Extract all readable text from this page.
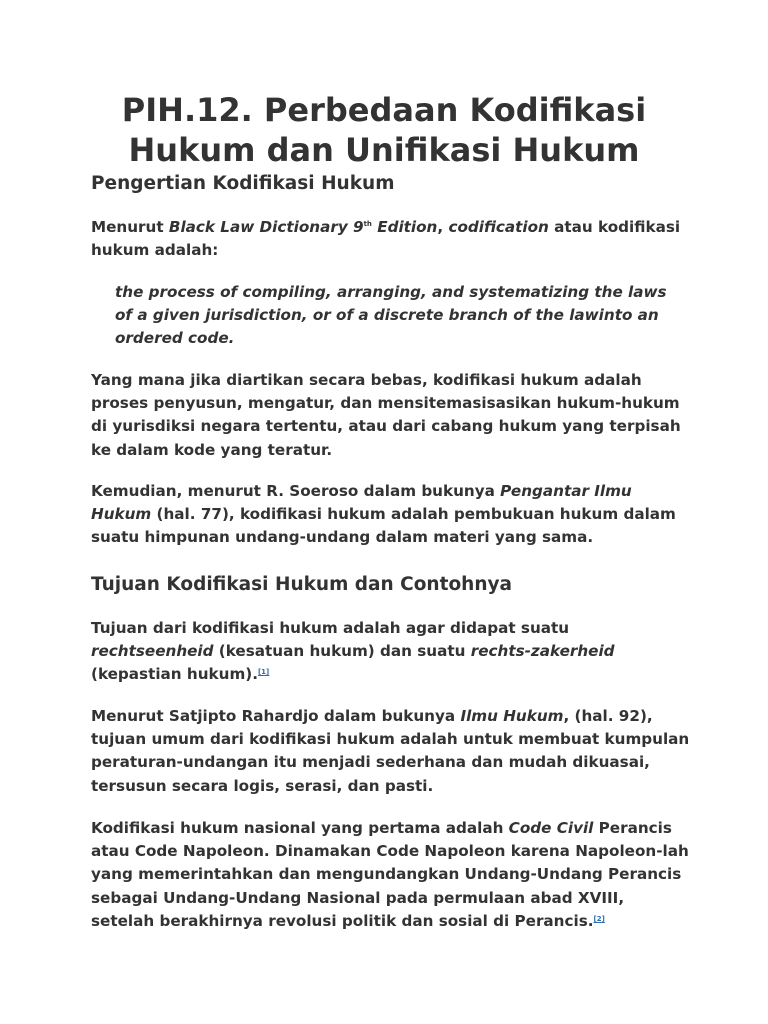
PIH.12. Perbedaan Kodifikasi Hukum dan Unifikasi Hukum
Pengertian Kodifikasi Hukum

Menurut Black Law Dictionary 9th Edition, codification atau kodifikasi hukum adalah:

the process of compiling, arranging, and systematizing the laws of a given jurisdiction, or of a discrete branch of the lawinto an ordered code.

Yang mana jika diartikan secara bebas, kodifikasi hukum adalah proses penyusun, mengatur, dan mensitemasisasikan hukum-hukum di yurisdiksi negara tertentu, atau dari cabang hukum yang terpisah ke dalam kode yang teratur.

Kemudian, menurut R. Soeroso dalam bukunya Pengantar Ilmu Hukum (hal. 77), kodifikasi hukum adalah pembukuan hukum dalam suatu himpunan undang-undang dalam materi yang sama.

Tujuan Kodifikasi Hukum dan Contohnya

Tujuan dari kodifikasi hukum adalah agar didapat suatu rechtseenheid (kesatuan hukum) dan suatu rechts-zakerheid (kepastian hukum).[1]

Menurut Satjipto Rahardjo dalam bukunya Ilmu Hukum, (hal. 92), tujuan umum dari kodifikasi hukum adalah untuk membuat kumpulan peraturan-undangan itu menjadi sederhana dan mudah dikuasai, tersusun secara logis, serasi, dan pasti.

Kodifikasi hukum nasional yang pertama adalah Code Civil Perancis atau Code Napoleon. Dinamakan Code Napoleon karena Napoleon-lah yang memerintahkan dan mengundangkan Undang-Undang Perancis sebagai Undang-Undang Nasional pada permulaan abad XVIII, setelah berakhirnya revolusi politik dan sosial di Perancis.[2]
